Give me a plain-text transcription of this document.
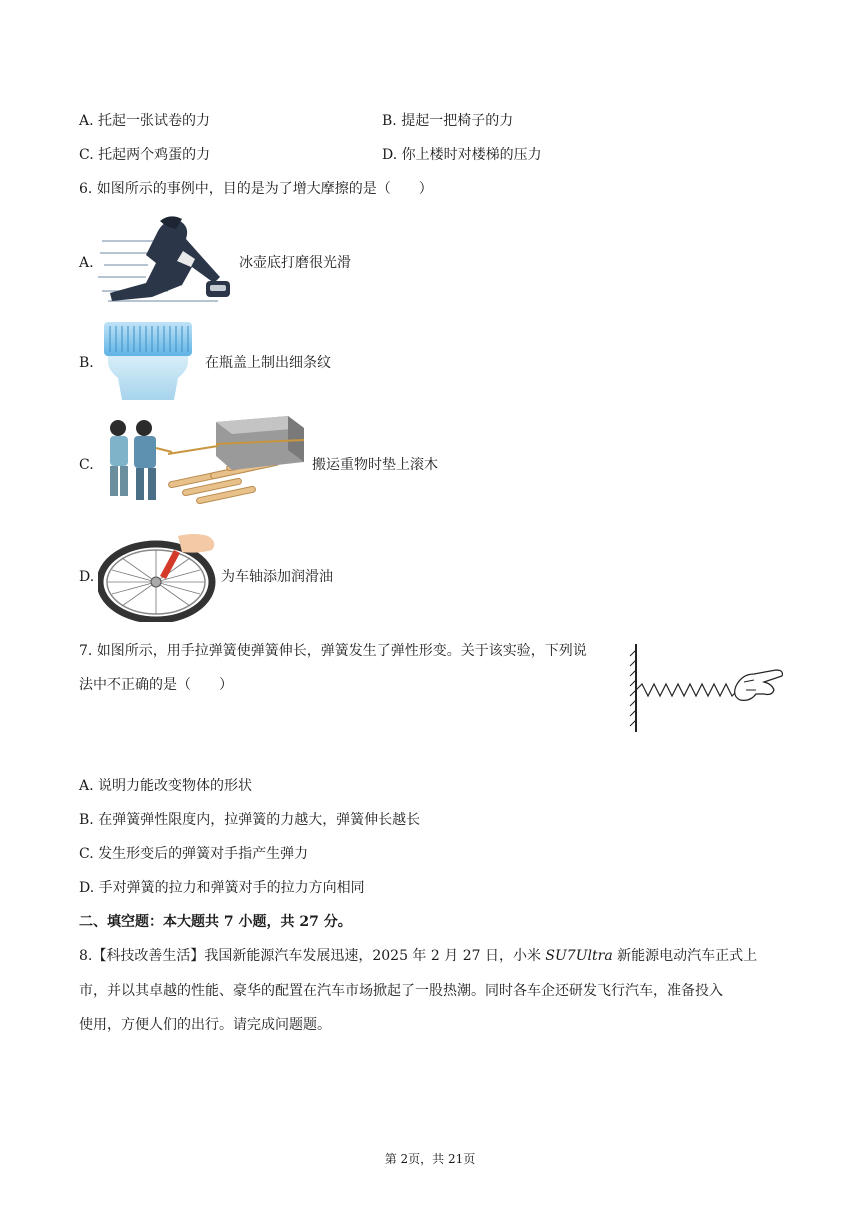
A. 托起一张试卷的力	B. 提起一把椅子的力
C. 托起两个鸡蛋的力	D. 你上楼时对楼梯的压力
6. 如图所示的事例中，目的是为了增大摩擦的是（　　）
A.	冰壶底打磨很光滑
B.	在瓶盖上制出细条纹
C.	搬运重物时垫上滚木
D.	为车轴添加润滑油
7. 如图所示，用手拉弹簧使弹簧伸长，弹簧发生了弹性形变。关于该实验，下列说
法中不正确的是（　　）
A. 说明力能改变物体的形状
B. 在弹簧弹性限度内，拉弹簧的力越大，弹簧伸长越长
C. 发生形变后的弹簧对手指产生弹力
D. 手对弹簧的拉力和弹簧对手的拉力方向相同
二、填空题：本大题共 7 小题，共 27 分。
8.【科技改善生活】我国新能源汽车发展迅速，2025 年 2 月 27 日，小米 SU7Ultra 新能源电动汽车正式上
市，并以其卓越的性能、豪华的配置在汽车市场掀起了一股热潮。同时各车企还研发飞行汽车，准备投入
使用，方便人们的出行。请完成问题题。
第 2页，共 21页
